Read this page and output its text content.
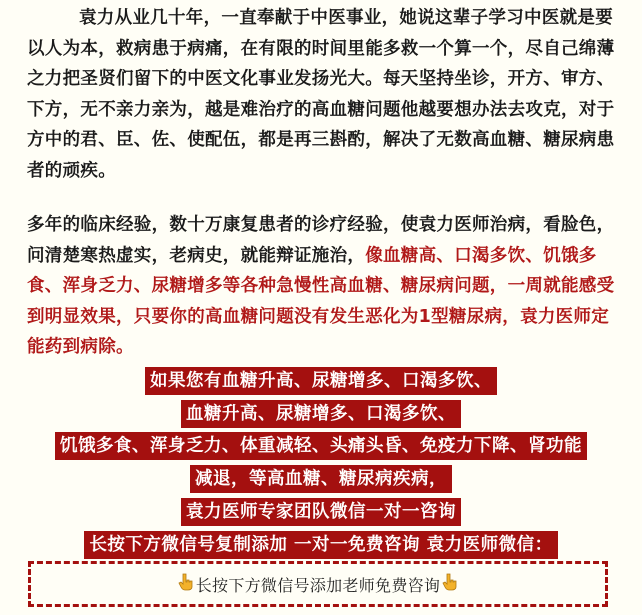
袁力从业几十年，一直奉献于中医事业，她说这辈子学习中医就是要以人为本，救病患于病痛，在有限的时间里能多救一个算一个，尽自己绵薄之力把圣贤们留下的中医文化事业发扬光大。每天坚持坐诊，开方、审方、下方，无不亲力亲为，越是难治疗的高血糖问题他越要想办法去攻克，对于方中的君、臣、佐、使配伍，都是再三斟酌，解决了无数高血糖、糖尿病患者的顽疾。
多年的临床经验，数十万康复患者的诊疗经验，使袁力医师治病，看脸色，问清楚寒热虚实，老病史，就能辩证施治，像血糖高、口渴多饮、饥饿多食、浑身乏力、尿糖增多等各种急慢性高血糖、糖尿病问题，一周就能感受到明显效果，只要你的高血糖问题没有发生恶化为1型糖尿病，袁力医师定能药到病除。
如果您有血糖升高、尿糖增多、口渴多饮、
血糖升高、尿糖增多、口渴多饮、
饥饿多食、浑身乏力、体重减轻、头痛头昏、免疫力下降、肾功能
减退，等高血糖、糖尿病疾病，
袁力医师专家团队微信一对一咨询
长按下方微信号复制添加 一对一免费咨询 袁力医师微信：
长按下方微信号添加老师免费咨询
